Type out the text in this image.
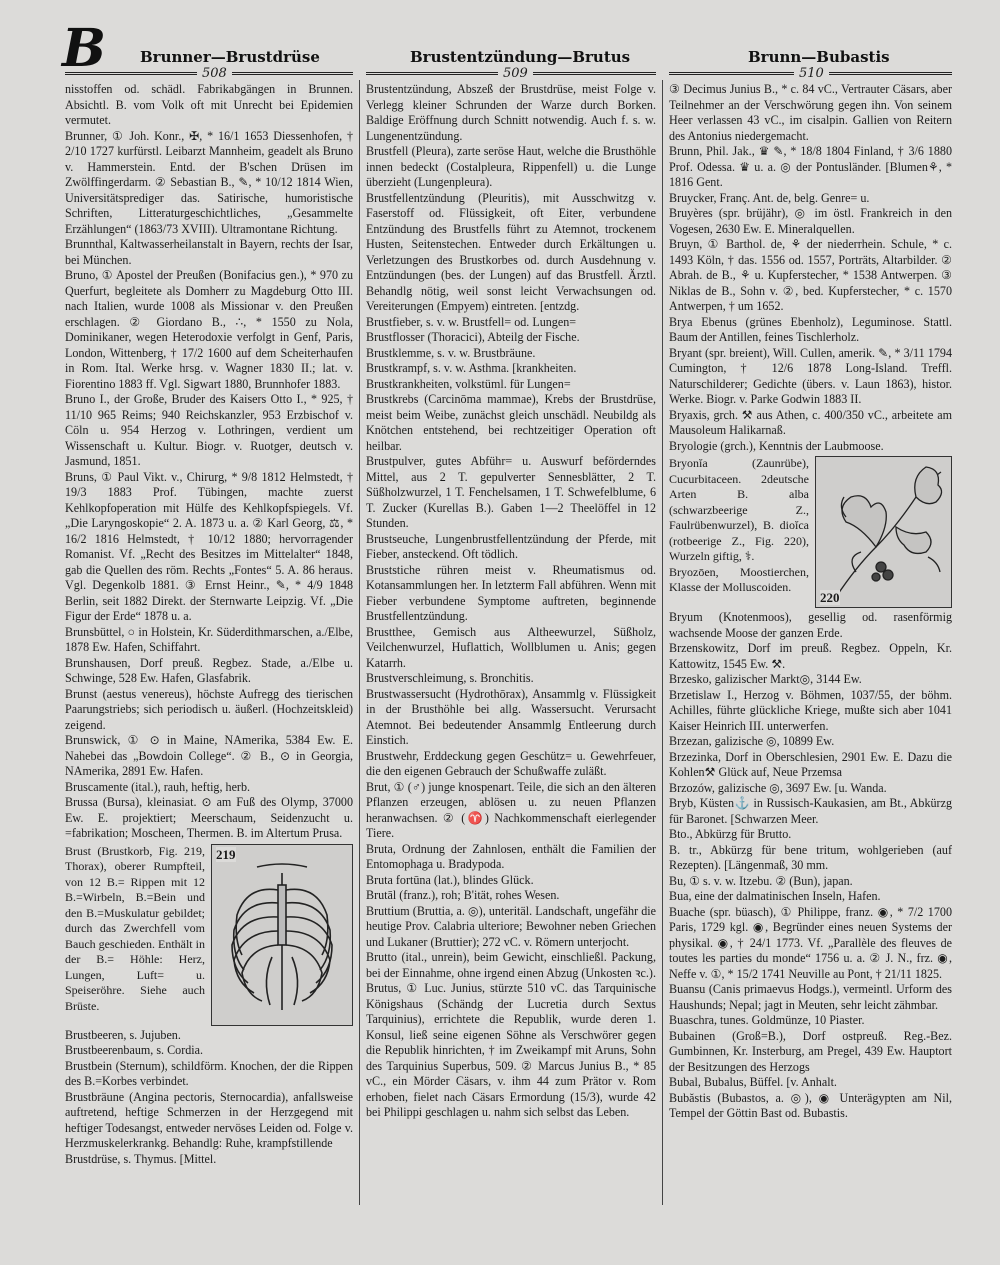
B Brunner—Brustdrüse	Brustentzündung—Brutus	Brunn—Bubastis
508	509	510

nisstoffen od. schädl. Fabrikabgängen in Brunnen. Absichtl. B. vom Volk oft mit Unrecht bei Epidemien vermutet.

Brunner, ① Joh. Konr., ✠, * 16/1 1653 Diessenhofen, † 2/10 1727 kurfürstl. Leibarzt Mannheim, geadelt als Bruno v. Hammerstein. Entd. der B'schen Drüsen im Zwölffingerdarm. ② Sebastian B., ✎, * 10/12 1814 Wien, Universitätsprediger das. Satirische, humoristische Schriften, Litteraturgeschichtliches, „Gesammelte Erzählungen“ (1863/73 XVIII). Ultramontane Richtung.

Brunnthal, Kaltwasserheilanstalt in Bayern, rechts der Isar, bei München.

Bruno, ① Apostel der Preußen (Bonifacius gen.), * 970 zu Querfurt, begleitete als Domherr zu Magdeburg Otto III. nach Italien, wurde 1008 als Missionar v. den Preußen erschlagen. ② Giordano B., ∴, * 1550 zu Nola, Dominikaner, wegen Heterodoxie verfolgt in Genf, Paris, London, Wittenberg, † 17/2 1600 auf dem Scheiterhaufen in Rom. Ital. Werke hrsg. v. Wagner 1830 II.; lat. v. Fiorentino 1883 ff. Vgl. Sigwart 1880, Brunnhofer 1883.

Bruno I., der Große, Bruder des Kaisers Otto I., * 925, † 11/10 965 Reims; 940 Reichskanzler, 953 Erzbischof v. Cöln u. 954 Herzog v. Lothringen, verdient um Wissenschaft u. Kultur. Biogr. v. Ruotger, deutsch v. Jasmund, 1851.

Bruns, ① Paul Vikt. v., Chirurg, * 9/8 1812 Helmstedt, † 19/3 1883 Prof. Tübingen, machte zuerst Kehlkopfoperation mit Hülfe des Kehlkopfspiegels. Vf. „Die Laryngoskopie“ 2. A. 1873 u. a. ② Karl Georg, ⚖, * 16/2 1816 Helmstedt, † 10/12 1880; hervorragender Romanist. Vf. „Recht des Besitzes im Mittelalter“ 1848, gab die Quellen des röm. Rechts „Fontes“ 5. A. 86 heraus. Vgl. Degenkolb 1881. ③ Ernst Heinr., ✎, * 4/9 1848 Berlin, seit 1882 Direkt. der Sternwarte Leipzig. Vf. „Die Figur der Erde“ 1878 u. a.

Brunsbüttel, ○ in Holstein, Kr. Süderdithmarschen, a./Elbe, 1878 Ew. Hafen, Schiffahrt.

Brunshausen, Dorf preuß. Regbez. Stade, a./Elbe u. Schwinge, 528 Ew. Hafen, Glasfabrik.

Brunst (aestus venereus), höchste Aufregg des tierischen Paarungstriebs; sich periodisch u. äußerl. (Hochzeitskleid) zeigend.

Brunswick, ① ⊙ in Maine, NAmerika, 5384 Ew. E. Nahebei das „Bowdoin College“. ② B., ⊙ in Georgia, NAmerika, 2891 Ew. Hafen.

Bruscamente (ital.), rauh, heftig, herb.

Brussa (Bursa), kleinasiat. ⊙ am Fuß des Olymp, 37000 Ew. E. projektiert; Meerschaum, Seidenzucht u. =fabrikation; Moscheen, Thermen. B. im Altertum Prusa.

Brust (Brustkorb, Fig. 219, Thorax), oberer Rumpfteil, von 12 B.= Rippen mit 12 B.=Wirbeln, B.=Bein und den B.=Muskulatur gebildet; durch das Zwerchfell vom Bauch geschieden. Enthält in der B.= Höhle: Herz, Lungen, Luft= u. Speiseröhre. Siehe auch Brüste.
219

Brustbeeren, s. Jujuben.

Brustbeerenbaum, s. Cordia.

Brustbein (Sternum), schildförm. Knochen, der die Rippen des B.=Korbes verbindet.

Brustbräune (Angina pectoris, Sternocardia), anfallsweise auftretend, heftige Schmerzen in der Herzgegend mit heftiger Todesangst, entweder nervöses Leiden od. Folge v. Herzmuskelerkrankg. Behandlg: Ruhe, krampfstillende

Brustdrüse, s. Thymus. [Mittel.

Brustentzündung, Abszeß der Brustdrüse, meist Folge v. Verlegg kleiner Schrunden der Warze durch Borken. Baldige Eröffnung durch Schnitt notwendig. Auch f. s. w. Lungenentzündung.

Brustfell (Pleura), zarte seröse Haut, welche die Brusthöhle innen bedeckt (Costalpleura, Rippenfell) u. die Lunge überzieht (Lungenpleura).

Brustfellentzündung (Pleuritis), mit Ausschwitzg v. Faserstoff od. Flüssigkeit, oft Eiter, verbundene Entzündung des Brustfells führt zu Atemnot, trockenem Husten, Seitenstechen. Entweder durch Erkältungen u. Verletzungen des Brustkorbes od. durch Ausdehnung v. Entzündungen (bes. der Lungen) auf das Brustfell. Ärztl. Behandlg nötig, weil sonst leicht Verwachsungen od. Vereiterungen (Empyem) eintreten. [entzdg.

Brustfieber, s. v. w. Brustfell= od. Lungen=

Brustflosser (Thoracici), Abteilg der Fische.

Brustklemme, s. v. w. Brustbräune.

Brustkrampf, s. v. w. Asthma. [krankheiten.

Brustkrankheiten, volkstüml. für Lungen=

Brustkrebs (Carcinōma mammae), Krebs der Brustdrüse, meist beim Weibe, zunächst gleich unschädl. Neubildg als Knötchen entstehend, bei rechtzeitiger Operation oft heilbar.

Brustpulver, gutes Abführ= u. Auswurf beförderndes Mittel, aus 2 T. gepulverter Sennesblätter, 2 T. Süßholzwurzel, 1 T. Fenchelsamen, 1 T. Schwefelblume, 6 T. Zucker (Kurellas B.). Gaben 1—2 Theelöffel in 12 Stunden.

Brustseuche, Lungenbrustfellentzündung der Pferde, mit Fieber, ansteckend. Oft tödlich.

Bruststiche rühren meist v. Rheumatismus od. Kotansammlungen her. In letzterm Fall abführen. Wenn mit Fieber verbundene Symptome auftreten, beginnende Brustfellentzündung.

Brustthee, Gemisch aus Altheewurzel, Süßholz, Veilchenwurzel, Huflattich, Wollblumen u. Anis; gegen Katarrh.

Brustverschleimung, s. Bronchitis.

Brustwassersucht (Hydrothōrax), Ansammlg v. Flüssigkeit in der Brusthöhle bei allg. Wassersucht. Verursacht Atemnot. Bei bedeutender Ansammlg Entleerung durch Einstich.

Brustwehr, Erddeckung gegen Geschütz= u. Gewehrfeuer, die den eigenen Gebrauch der Schußwaffe zuläßt.

Brut, ① (♂) junge knospenart. Teile, die sich an den älteren Pflanzen erzeugen, ablösen u. zu neuen Pflanzen heranwachsen. ② (♈) Nachkommenschaft eierlegender Tiere.

Bruta, Ordnung der Zahnlosen, enthält die Familien der Entomophaga u. Bradypoda.

Bruta fortūna (lat.), blindes Glück.

Brutāl (franz.), roh; B'ität, rohes Wesen.

Bruttium (Bruttia, a. ◎), unteritäl. Landschaft, ungefähr die heutige Prov. Calabria ulteriore; Bewohner neben Griechen und Lukaner (Bruttier); 272 vC. v. Römern unterjocht.

Brutto (ital., unrein), beim Gewicht, einschließl. Packung, bei der Einnahme, ohne irgend einen Abzug (Unkosten ꝛc.).

Brutus, ① Luc. Junius, stürzte 510 vC. das Tarquinische Königshaus (Schändg der Lucretia durch Sextus Tarquinius), errichtete die Republik, wurde deren 1. Konsul, ließ seine eigenen Söhne als Verschwörer gegen die Republik hinrichten, † im Zweikampf mit Aruns, Sohn des Tarquinius Superbus, 509. ② Marcus Junius B., * 85 vC., ein Mörder Cäsars, v. ihm 44 zum Prätor v. Rom erhoben, fielet nach Cäsars Ermordung (15/3), wurde 42 bei Philippi geschlagen u. nahm sich selbst das Leben.

③ Decimus Junius B., * c. 84 vC., Vertrauter Cäsars, aber Teilnehmer an der Verschwörung gegen ihn. Von seinem Heer verlassen 43 vC., im cisalpin. Gallien von Reitern des Antonius niedergemacht.

Brunn, Phil. Jak., ♛ ✎, * 18/8 1804 Finland, † 3/6 1880 Prof. Odessa. ♛ u. a. ◎ der Pontusländer. [Blumen⚘, * 1816 Gent.

Bruycker, Franç. Ant. de, belg. Genre= u.

Bruyères (spr. brüjähr), ◎ im östl. Frankreich in den Vogesen, 2630 Ew. E. Mineralquellen.

Bruyn, ① Barthol. de, ⚘ der niederrhein. Schule, * c. 1493 Köln, † das. 1556 od. 1557, Porträts, Altarbilder. ② Abrah. de B., ⚘ u. Kupferstecher, * 1538 Antwerpen. ③ Niklas de B., Sohn v. ②, bed. Kupferstecher, * c. 1570 Antwerpen, † um 1652.

Brya Ebenus (grünes Ebenholz), Leguminose. Stattl. Baum der Antillen, feines Tischlerholz.

Bryant (spr. breient), Will. Cullen, amerik. ✎, * 3/11 1794 Cumington, † 12/6 1878 Long-Island. Treffl. Naturschilderer; Gedichte (übers. v. Laun 1863), histor. Werke. Biogr. v. Parke Godwin 1883 II.

Bryaxis, grch. ⚒ aus Athen, c. 400/350 vC., arbeitete am Mausoleum Halikarnaß.

Bryologie (grch.), Kenntnis der Laubmoose.

Bryonĭa (Zaunrübe), Cucurbitaceen. 2deutsche Arten B. alba (schwarzbeerige Z., Faulrübenwurzel), B. dioĭca (rotbeerige Z., Fig. 220), Wurzeln giftig, ⚕.
Bryozōen, Moostierchen, Klasse der Molluscoiden.
220

Bryum (Knotenmoos), gesellig od. rasenförmig wachsende Moose der ganzen Erde.

Brzenskowitz, Dorf im preuß. Regbez. Oppeln, Kr. Kattowitz, 1545 Ew. ⚒.

Brzesko, galizischer Markt◎, 3144 Ew.

Brzetislaw I., Herzog v. Böhmen, 1037/55, der böhm. Achilles, führte glückliche Kriege, mußte sich aber 1041 Kaiser Heinrich III. unterwerfen.

Brzezan, galizische ◎, 10899 Ew.

Brzezinka, Dorf in Oberschlesien, 2901 Ew. E. Dazu die Kohlen⚒ Glück auf, Neue Przemsa

Brzozów, galizische ◎, 3697 Ew. [u. Wanda.

Bryb, Küsten⚓ in Russisch-Kaukasien, am Bt., Abkürzg für Baronet. [Schwarzen Meer.

Bto., Abkürzg für Brutto.

B. tr., Abkürzg für bene tritum, wohlgerieben (auf Rezepten). [Längenmaß, 30 mm.

Bu, ① s. v. w. Itzebu. ② (Bun), japan.

Bua, eine der dalmatinischen Inseln, Hafen.

Buache (spr. büasch), ① Philippe, franz. ◉, * 7/2 1700 Paris, 1729 kgl. ◉, Begründer eines neuen Systems der physikal. ◉, † 24/1 1773. Vf. „Parallèle des fleuves de toutes les parties du monde“ 1756 u. a. ② J. N., frz. ◉, Neffe v. ①, * 15/2 1741 Neuville au Pont, † 21/11 1825.

Buansu (Canis primaevus Hodgs.), vermeintl. Urform des Haushunds; Nepal; jagt in Meuten, sehr leicht zähmbar.

Buaschra, tunes. Goldmünze, 10 Piaster.

Bubainen (Groß=B.), Dorf ostpreuß. Reg.-Bez. Gumbinnen, Kr. Insterburg, am Pregel, 439 Ew. Hauptort der Besitzungen des Herzogs

Bubal, Bubalus, Büffel. [v. Anhalt.

Bubăstis (Bubastos, a. ◎), ◉ Unterägypten am Nil, Tempel der Göttin Bast od. Bubastis.
